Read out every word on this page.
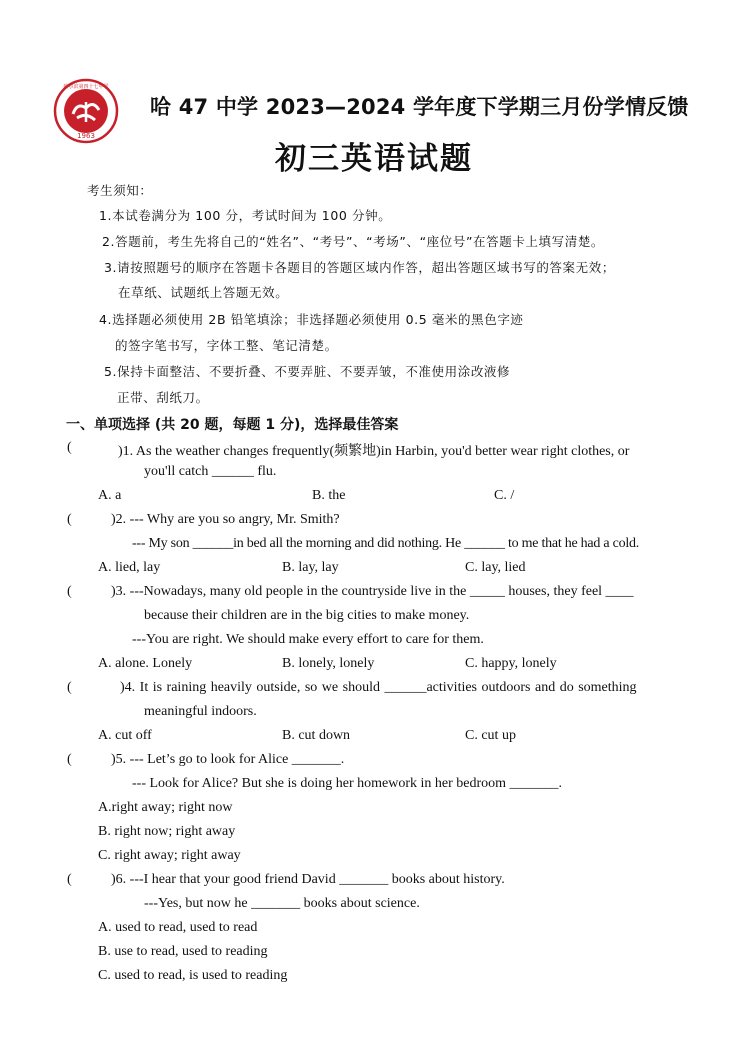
1963
哈尔滨第四十七中学
哈 47 中学 2023—2024 学年度下学期三月份学情反馈
初三英语试题
考生须知：
1.本试卷满分为 100 分，考试时间为 100 分钟。
2.答题前，考生先将自己的“姓名”、“考号”、“考场”、“座位号”在答题卡上填写清楚。
3.请按照题号的顺序在答题卡各题目的答题区域内作答，超出答题区域书写的答案无效；
在草纸、试题纸上答题无效。
4.选择题必须使用 2B 铅笔填涂；非选择题必须使用 0.5 毫米的黑色字迹
的签字笔书写，字体工整、笔记清楚。
5.保持卡面整洁、不要折叠、不要弄脏、不要弄皱，不准使用涂改液修
正带、刮纸刀。
一、单项选择 (共 20 题，每题 1 分)，选择最佳答案
(	)1. As the weather changes frequently(频繁地)in Harbin, you'd better wear right clothes, or
you'll catch ______ flu.
A. a	B. the	C. /
(	)2. --- Why are you so angry, Mr. Smith?
--- My son ______in bed all the morning and did nothing. He ______ to me that he had a cold.
A. lied, lay	B. lay, lay	C. lay, lied
(	)3. ---Nowadays, many old people in the countryside live in the _____ houses, they feel ____
because their children are in the big cities to make money.
---You are right. We should make every effort to care for them.
A. alone. Lonely	B. lonely, lonely	C. happy, lonely
(	)4. It is raining heavily outside, so we should ______activities outdoors and do something
meaningful indoors.
A. cut off	B. cut down	C. cut up
(	)5. --- Let’s go to look for Alice _______.
--- Look for Alice? But she is doing her homework in her bedroom _______.
A.right away; right now
B. right now; right away
C. right away; right away
(	)6. ---I hear that your good friend David _______ books about history.
---Yes, but now he _______ books about science.
A. used to read, used to read
B. use to read, used to reading
C. used to read, is used to reading
